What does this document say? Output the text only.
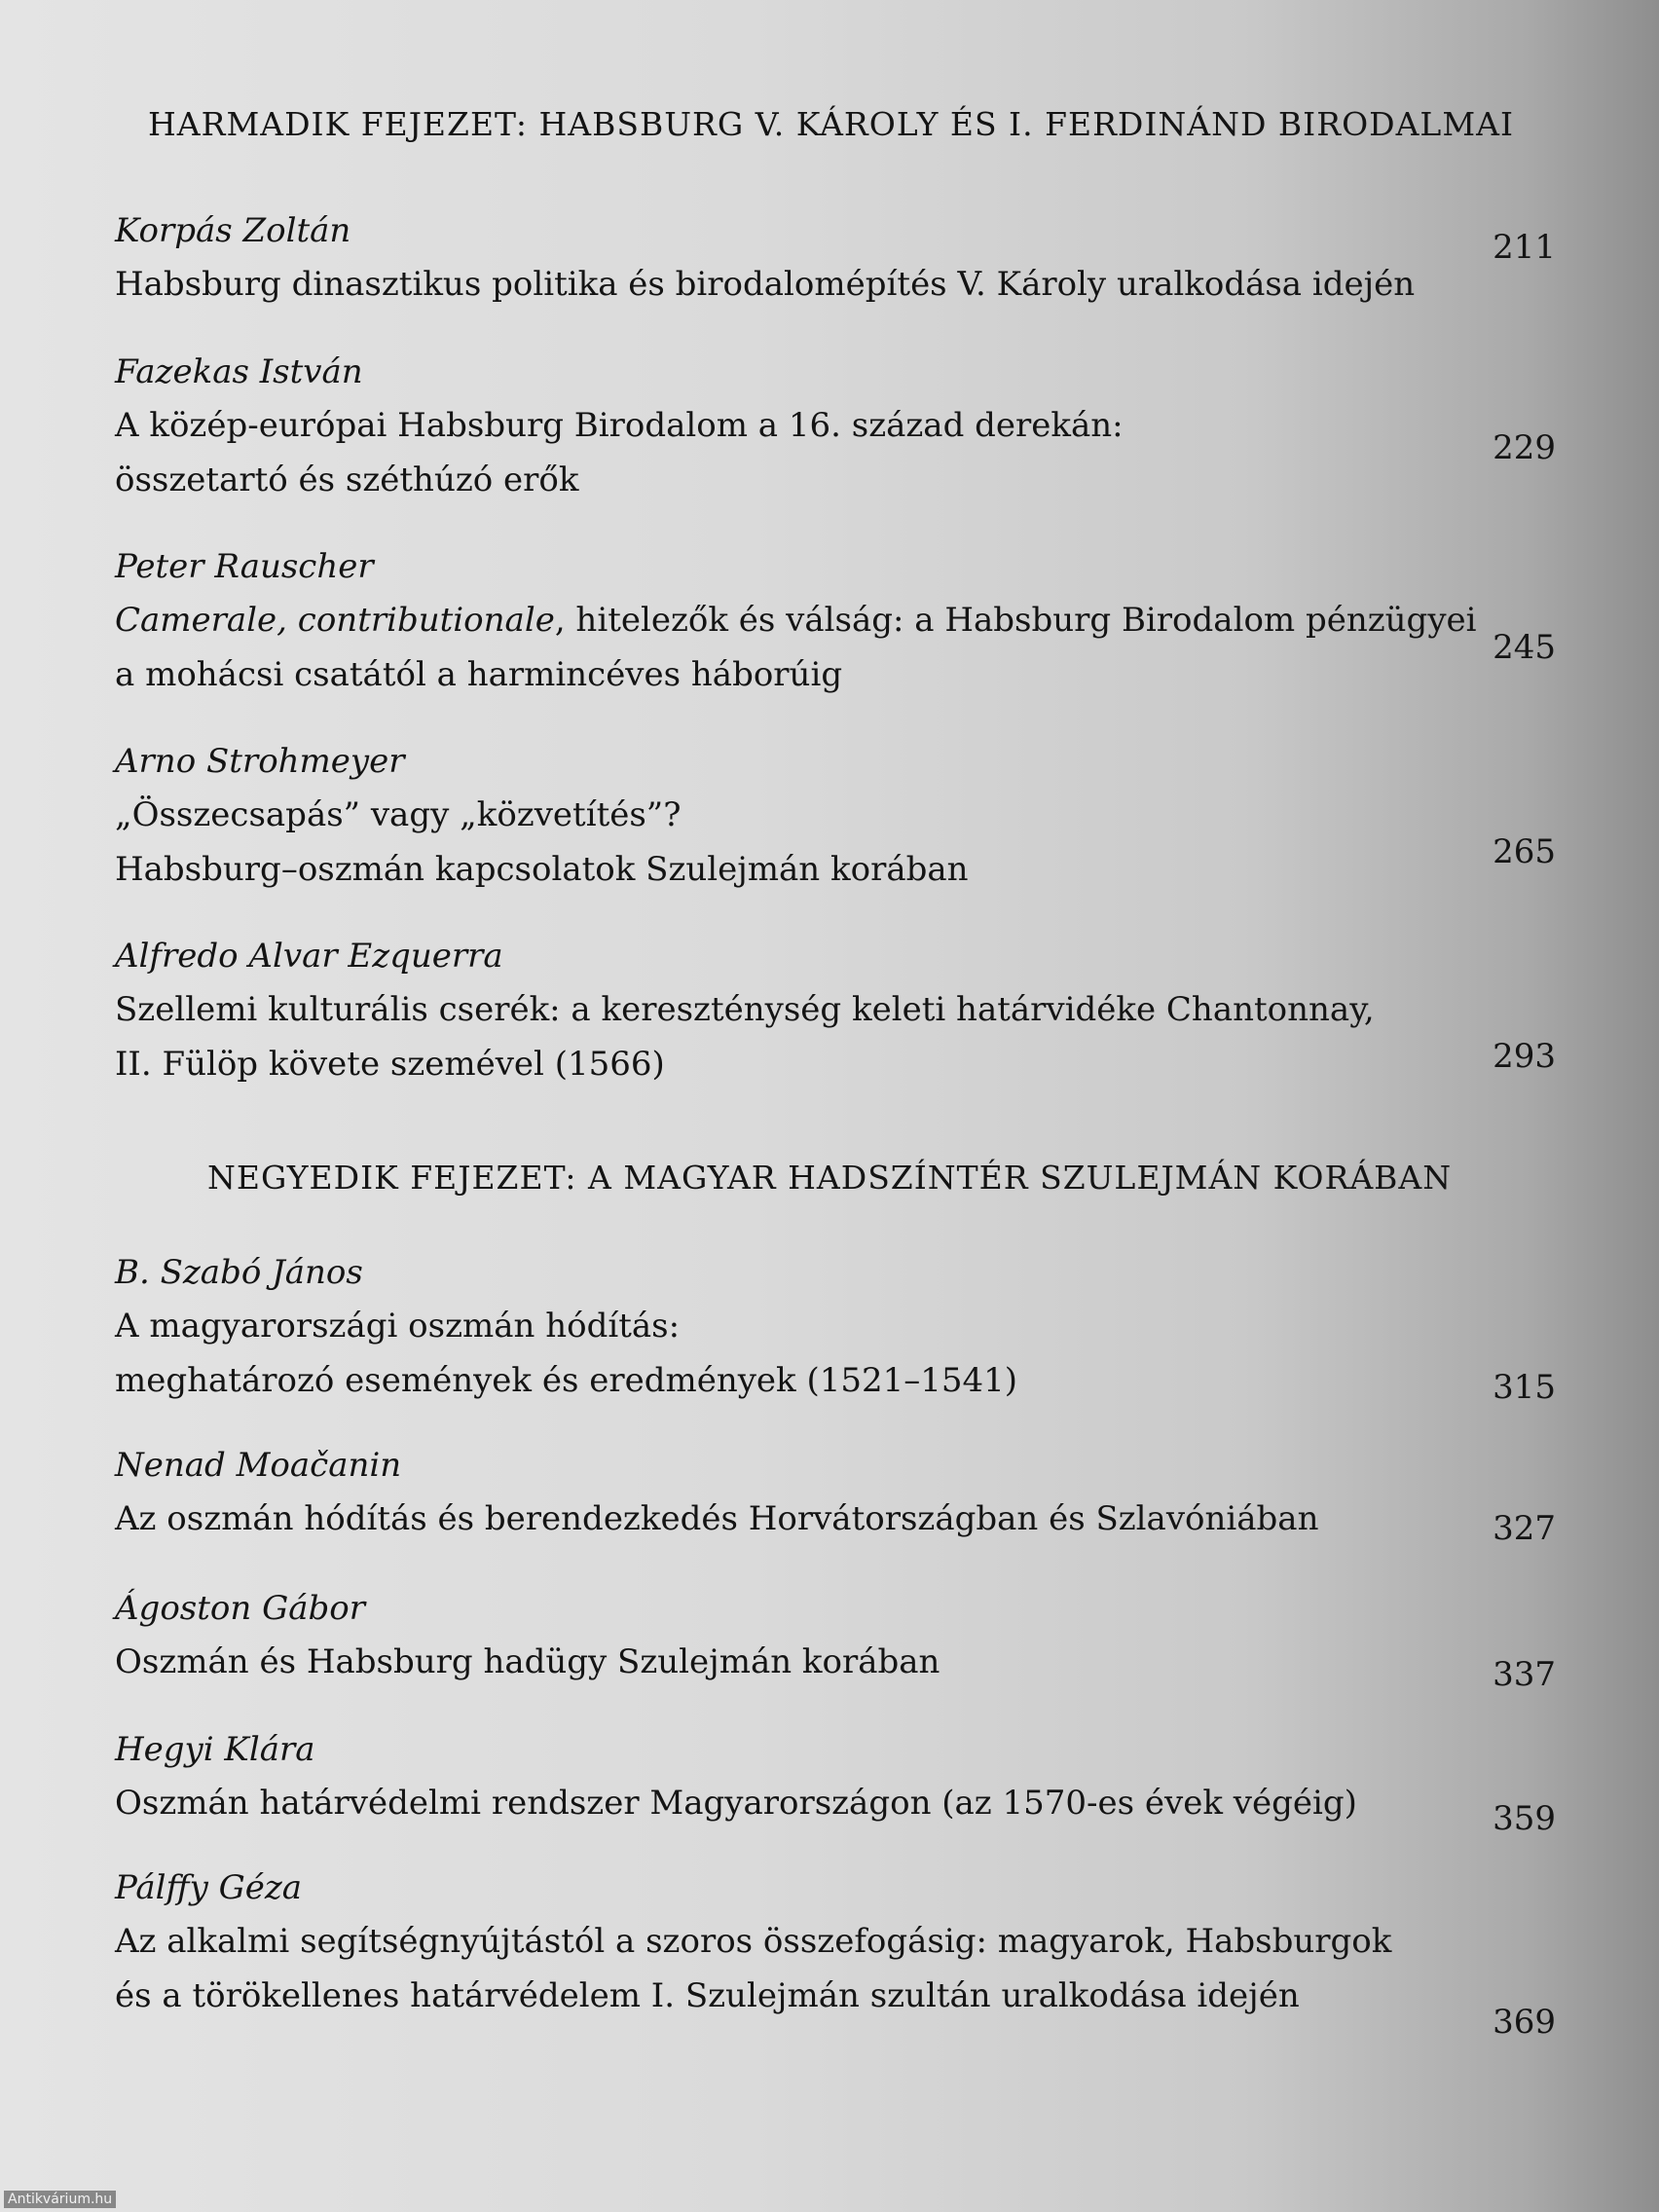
HARMADIK FEJEZET: HABSBURG V. KÁROLY ÉS I. FERDINÁND BIRODALMAI
Korpás Zoltán
Habsburg dinasztikus politika és birodalomépítés V. Károly uralkodása idején
211
Fazekas István
A közép-európai Habsburg Birodalom a 16. század derekán:
összetartó és széthúzó erők
229
Peter Rauscher
Camerale, contributionale, hitelezők és válság: a Habsburg Birodalom pénzügyei
a mohácsi csatától a harmincéves háborúig
245
Arno Strohmeyer
„Összecsapás” vagy „közvetítés”?
Habsburg–oszmán kapcsolatok Szulejmán korában	265
Alfredo Alvar Ezquerra
Szellemi kulturális cserék: a kereszténység keleti határvidéke Chantonnay,
II. Fülöp követe szemével (1566)	293
NEGYEDIK FEJEZET: A MAGYAR HADSZÍNTÉR SZULEJMÁN KORÁBAN
B. Szabó János
A magyarországi oszmán hódítás:
meghatározó események és eredmények (1521–1541)	315
Nenad Moačanin
Az oszmán hódítás és berendezkedés Horvátországban és Szlavóniában	327
Ágoston Gábor
Oszmán és Habsburg hadügy Szulejmán korában	337
Hegyi Klára
Oszmán határvédelmi rendszer Magyarországon (az 1570-es évek végéig)	359
Pálffy Géza
Az alkalmi segítségnyújtástól a szoros összefogásig: magyarok, Habsburgok
és a törökellenes határvédelem I. Szulejmán szultán uralkodása idején
369
Antikvárium.hu
